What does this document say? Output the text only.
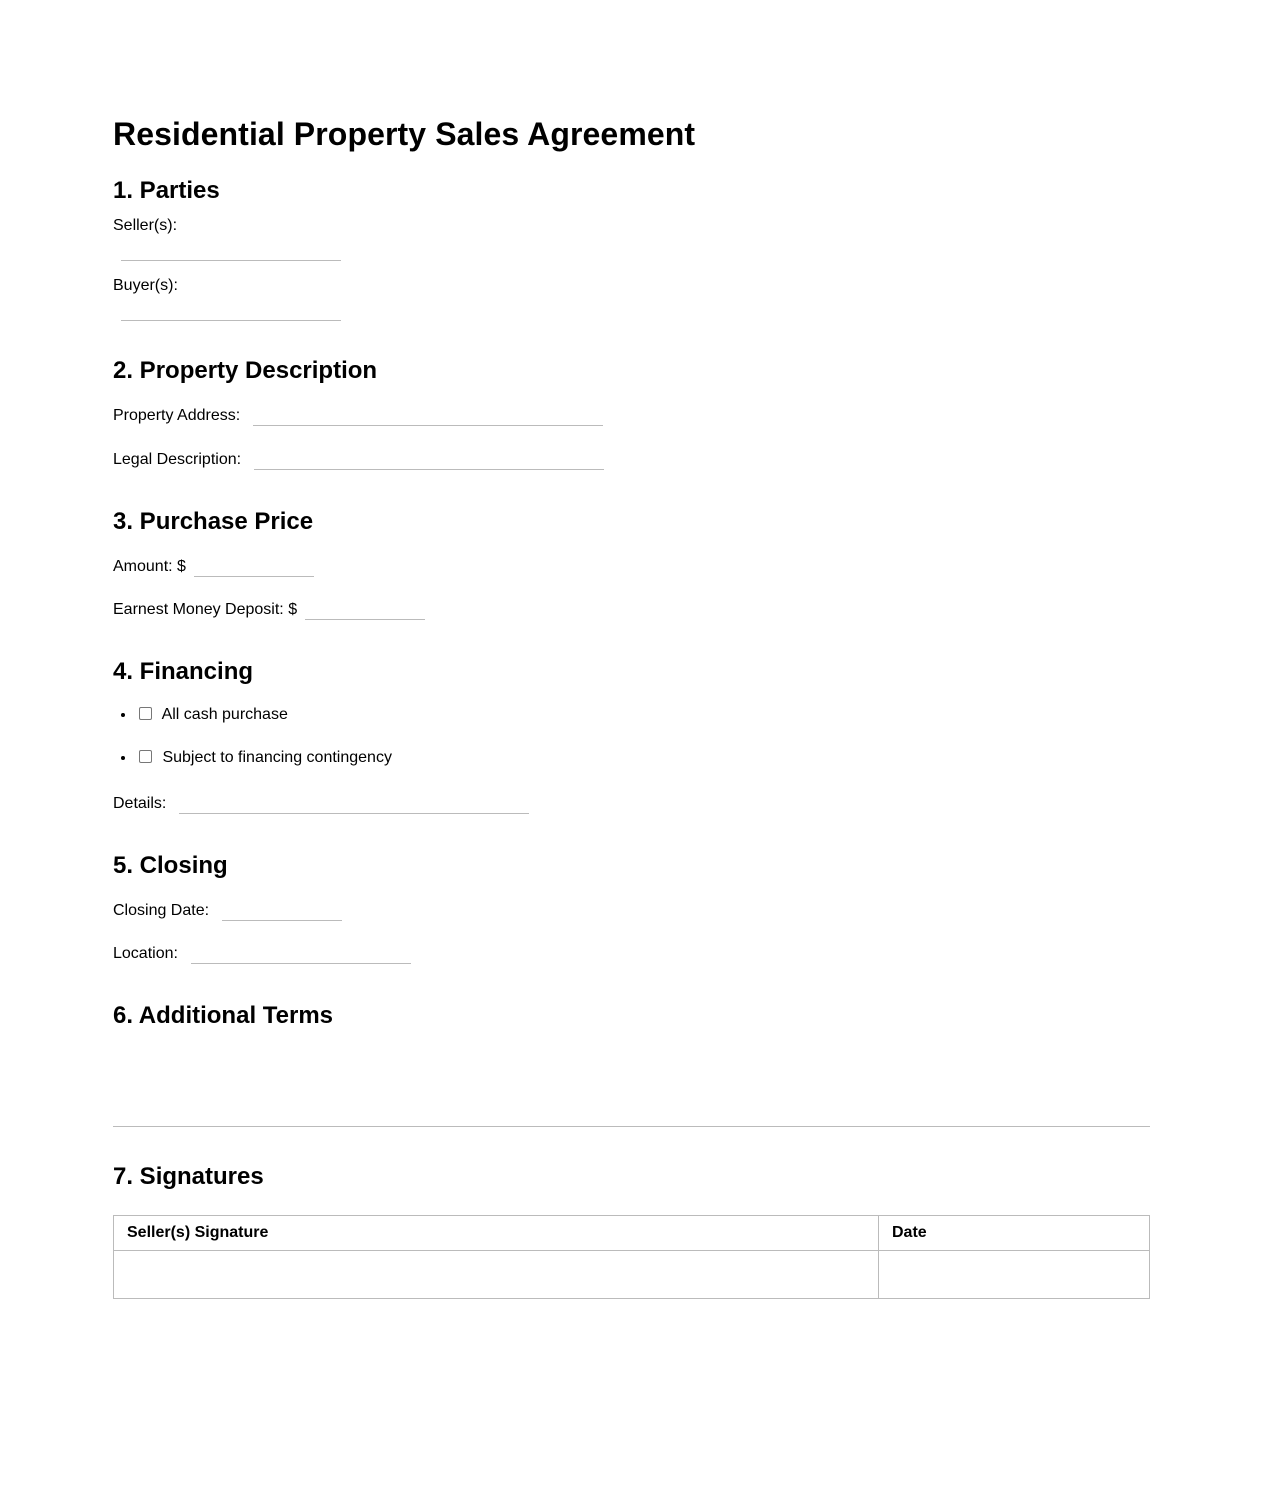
Residential Property Sales Agreement
1. Parties
Seller(s):
Buyer(s):
2. Property Description
Property Address:
Legal Description:
3. Purchase Price
Amount: $
Earnest Money Deposit: $
4. Financing
• All cash purchase
• Subject to financing contingency
Details:
5. Closing
Closing Date:
Location:
6. Additional Terms
7. Signatures
Seller(s) Signature	Date
